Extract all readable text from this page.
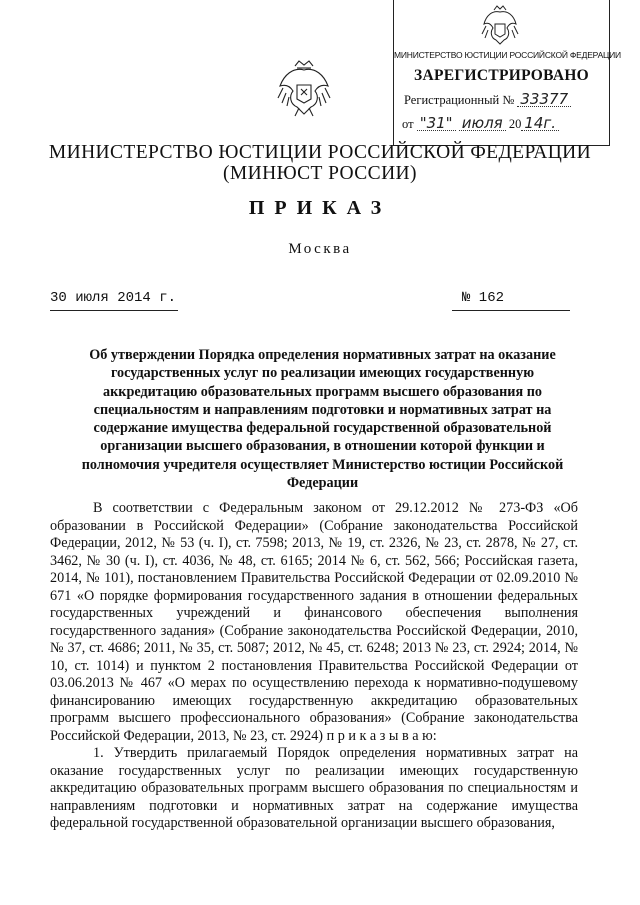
МИНИСТЕРСТВО ЮСТИЦИИ РОССИЙСКОЙ ФЕДЕРАЦИИ
ЗАРЕГИСТРИРОВАНО
Регистрационный № 33377
от "31" июля 20 14г.
МИНИСТЕРСТВО ЮСТИЦИИ РОССИЙСКОЙ ФЕДЕРАЦИИ
(МИНЮСТ РОССИИ)
ПРИКАЗ
Москва
30 июля 2014 г.	№ 162
Об утверждении Порядка определения нормативных затрат на оказание государственных услуг по реализации имеющих государственную аккредитацию образовательных программ высшего образования по специальностям и направлениям подготовки и нормативных затрат на содержание имущества федеральной государственной образовательной организации высшего образования, в отношении которой функции и полномочия учредителя осуществляет Министерство юстиции Российской Федерации

В соответствии с Федеральным законом от 29.12.2012 № 273-ФЗ «Об образовании в Российской Федерации» (Собрание законодательства Российской Федерации, 2012, № 53 (ч. I), ст. 7598; 2013, № 19, ст. 2326, № 23, ст. 2878, № 27, ст. 3462, № 30 (ч. I), ст. 4036, № 48, ст. 6165; 2014 № 6, ст. 562, 566; Российская газета, 2014, № 101), постановлением Правительства Российской Федерации от 02.09.2010 № 671 «О порядке формирования государственного задания в отношении федеральных государственных учреждений и финансового обеспечения выполнения государственного задания» (Собрание законодательства Российской Федерации, 2010, № 37, ст. 4686; 2011, № 35, ст. 5087; 2012, № 45, ст. 6248; 2013 № 23, ст. 2924; 2014, № 10, ст. 1014) и пунктом 2 постановления Правительства Российской Федерации от 03.06.2013 № 467 «О мерах по осуществлению перехода к нормативно-подушевому финансированию имеющих государственную аккредитацию образовательных программ высшего профессионального образования» (Собрание законодательства Российской Федерации, 2013, № 23, ст. 2924) п р и к а з ы в а ю:

1. Утвердить прилагаемый Порядок определения нормативных затрат на оказание государственных услуг по реализации имеющих государственную аккредитацию образовательных программ высшего образования по специальностям и направлениям подготовки и нормативных затрат на содержание имущества федеральной государственной образовательной организации высшего образования,
